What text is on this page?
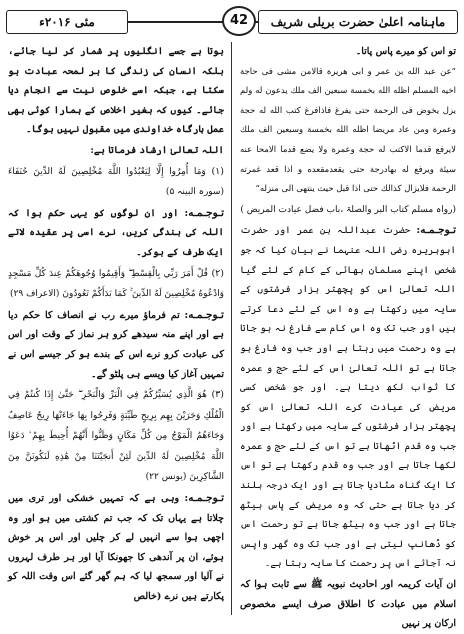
مئی ۲۰۱۶ء	42	ماہنامہ اعلیٰ حضرت بریلی شریف

تو اس کو میرے پاس پاتا۔

”عن عبد الله بن عمر و ابی هريرة قالامن مشى فى حاجة اخيه المسلم اظله الله بخمسة سبعين الف ملك يدعون له ولم يزل يخوض فى الرحمة حتى يفرغ فاذافرغ كتب الله له حجة وعمرة ومن عاد مريضا اظله الله بخمسة وسبعين الف ملك لايرفع قدما الاكتب له حجة وعمرة ولا يضع قدما الامحا عنه سيئة ويرفع له بهادرجة حتى يقعدمقعده و اذا قعد غمرته الرحمة فلايزال كذالك حتى اذا قبل حيث ينتهى الى منزله“

(رواہ مسلم کتاب البر والصلۃ ،باب فضل عیادت المریض )

تـوجـمـه: حضرت عبداللہ بن عمر اور حضرت ابوہریرہ رضی اللہ عنہما نے بیان کیا کہ جو شخص اپنے مسلمان بھائی کے کام کے لئے گیا اللہ تعالیٰ اس کو پچھتر ہزار فرشتوں کے سایہ میں رکھتا ہے وہ اس کے لئے دعا کرتے ہیں اور جب تک وہ اس کام سے فارغ نہ ہو جاتا ہے وہ رحمت میں رہتا ہے اور جب وہ فارغ ہو جاتا ہے تو اللہ تعالیٰ اس کے لئے حج و عمرہ کا ثواب لکھ دیتا ہے۔ اور جو شخص کسی مریض کی عیادت کرے اللہ تعالیٰ اس کو پچھتر ہزار فرشتوں کے سایہ میں رکھتا ہے اور جب وہ قدم اٹھاتا ہے تو اس کے لئے حج و عمرہ لکھا جاتا ہے اور جب وہ قدم رکھتا ہے تو اس کا ایک گناہ مٹادیا جاتا ہے اور ایک درجہ بلند کر دیا جاتا ہے حتی کہ وہ مریض کے پاس بیٹھ جاتا ہے اور جب وہ بیٹھ جاتا ہے تو رحمت اس کو ڈھانپ لیتی ہے اور جب تک وہ گھر واپس نہ آجائے اس پر رحمت کا سایہ رہتا ہے۔

ان آیات کریمہ اور احادیث نبویہ ﷺ سے ثابت ہوا کہ اسلام میں عبادت کا اطلاق صرف ایسے مخصوص ارکان پر نہیں

ہوتا ہے جسے انگلیوں پر شمار کر لیا جائے، بلکہ انسان کی زندگی کا ہر لمحہ عبادت ہو سکتا ہے، جبکہ اسے خلوص نیت سے انجام دیا جائے۔ کیوں کہ بغیر اخلاص کے ہمارا کوئی بھی عمل بارگاہ خداوندی میں مقبول نہیں ہوگا۔

اللہ تعالیٰ ارشاد فرماتا ہے:

(۱) وَمَا أُمِرُوا إِلَّا لِيَعْبُدُوا اللَّهَ مُخْلِصِينَ لَهُ الدِّينَ حُنَفَاءَ (سورہ البینہ ۵)

تـوجـمـه: اور ان لوگوں کو یہی حکم ہوا کہ اللہ کی بندگی کریں، نرے اسی پر عقیدہ لاتے ایک طرف کے ہوکر۔

(۲) قُلْ أَمَرَ رَبِّي بِالْقِسْطِ ۖ وَأَقِيمُوا وُجُوهَكُمْ عِندَ كُلِّ مَسْجِدٍ وَادْعُوهُ مُخْلِصِينَ لَهُ الدِّينَ ۚ كَمَا بَدَأَكُمْ تَعُودُونَ (الاعراف ۲۹)

تـوجـمـه: تم فرماؤ میرے رب نے انصاف کا حکم دیا ہے اور اپنے منہ سیدھے کرو ہر نماز کے وقت اور اس کی عبادت کرو نرے اس کے بندے ہو کر جیسے اس نے تمہیں آغاز کیا ویسے ہی پلٹو گے۔

(۳) هُوَ الَّذِي يُسَيِّرُكُمْ فِي الْبَرِّ وَالْبَحْرِ ۖ حَتَّىٰ إِذَا كُنتُمْ فِي الْفُلْكِ وَجَرَيْنَ بِهِم بِرِيحٍ طَيِّبَةٍ وَفَرِحُوا بِهَا جَاءَتْهَا رِيحٌ عَاصِفٌ وَجَاءَهُمُ الْمَوْجُ مِن كُلِّ مَكَانٍ وَظَنُّوا أَنَّهُمْ أُحِيطَ بِهِمْ ۙ دَعَوُا اللَّهَ مُخْلِصِينَ لَهُ الدِّينَ لَئِنْ أَنجَيْتَنَا مِنْ هَٰذِهِ لَنَكُونَنَّ مِنَ الشَّاكِرِينَ (یونس ۲۲)

تـوجـمـه: وہی ہے کہ تمہیں خشکی اور تری میں چلاتا ہے یہاں تک کہ جب تم کشتی میں ہو اور وہ اچھی ہوا سے انہیں لے کر چلیں اور اس پر خوش ہوئے، ان پر آندھی کا جھونکا آیا اور ہر طرف لہروں نے آلیا اور سمجھ لیا کہ ہم گھر گئے اس وقت اللہ کو پکارتے ہیں نرے (خالص
